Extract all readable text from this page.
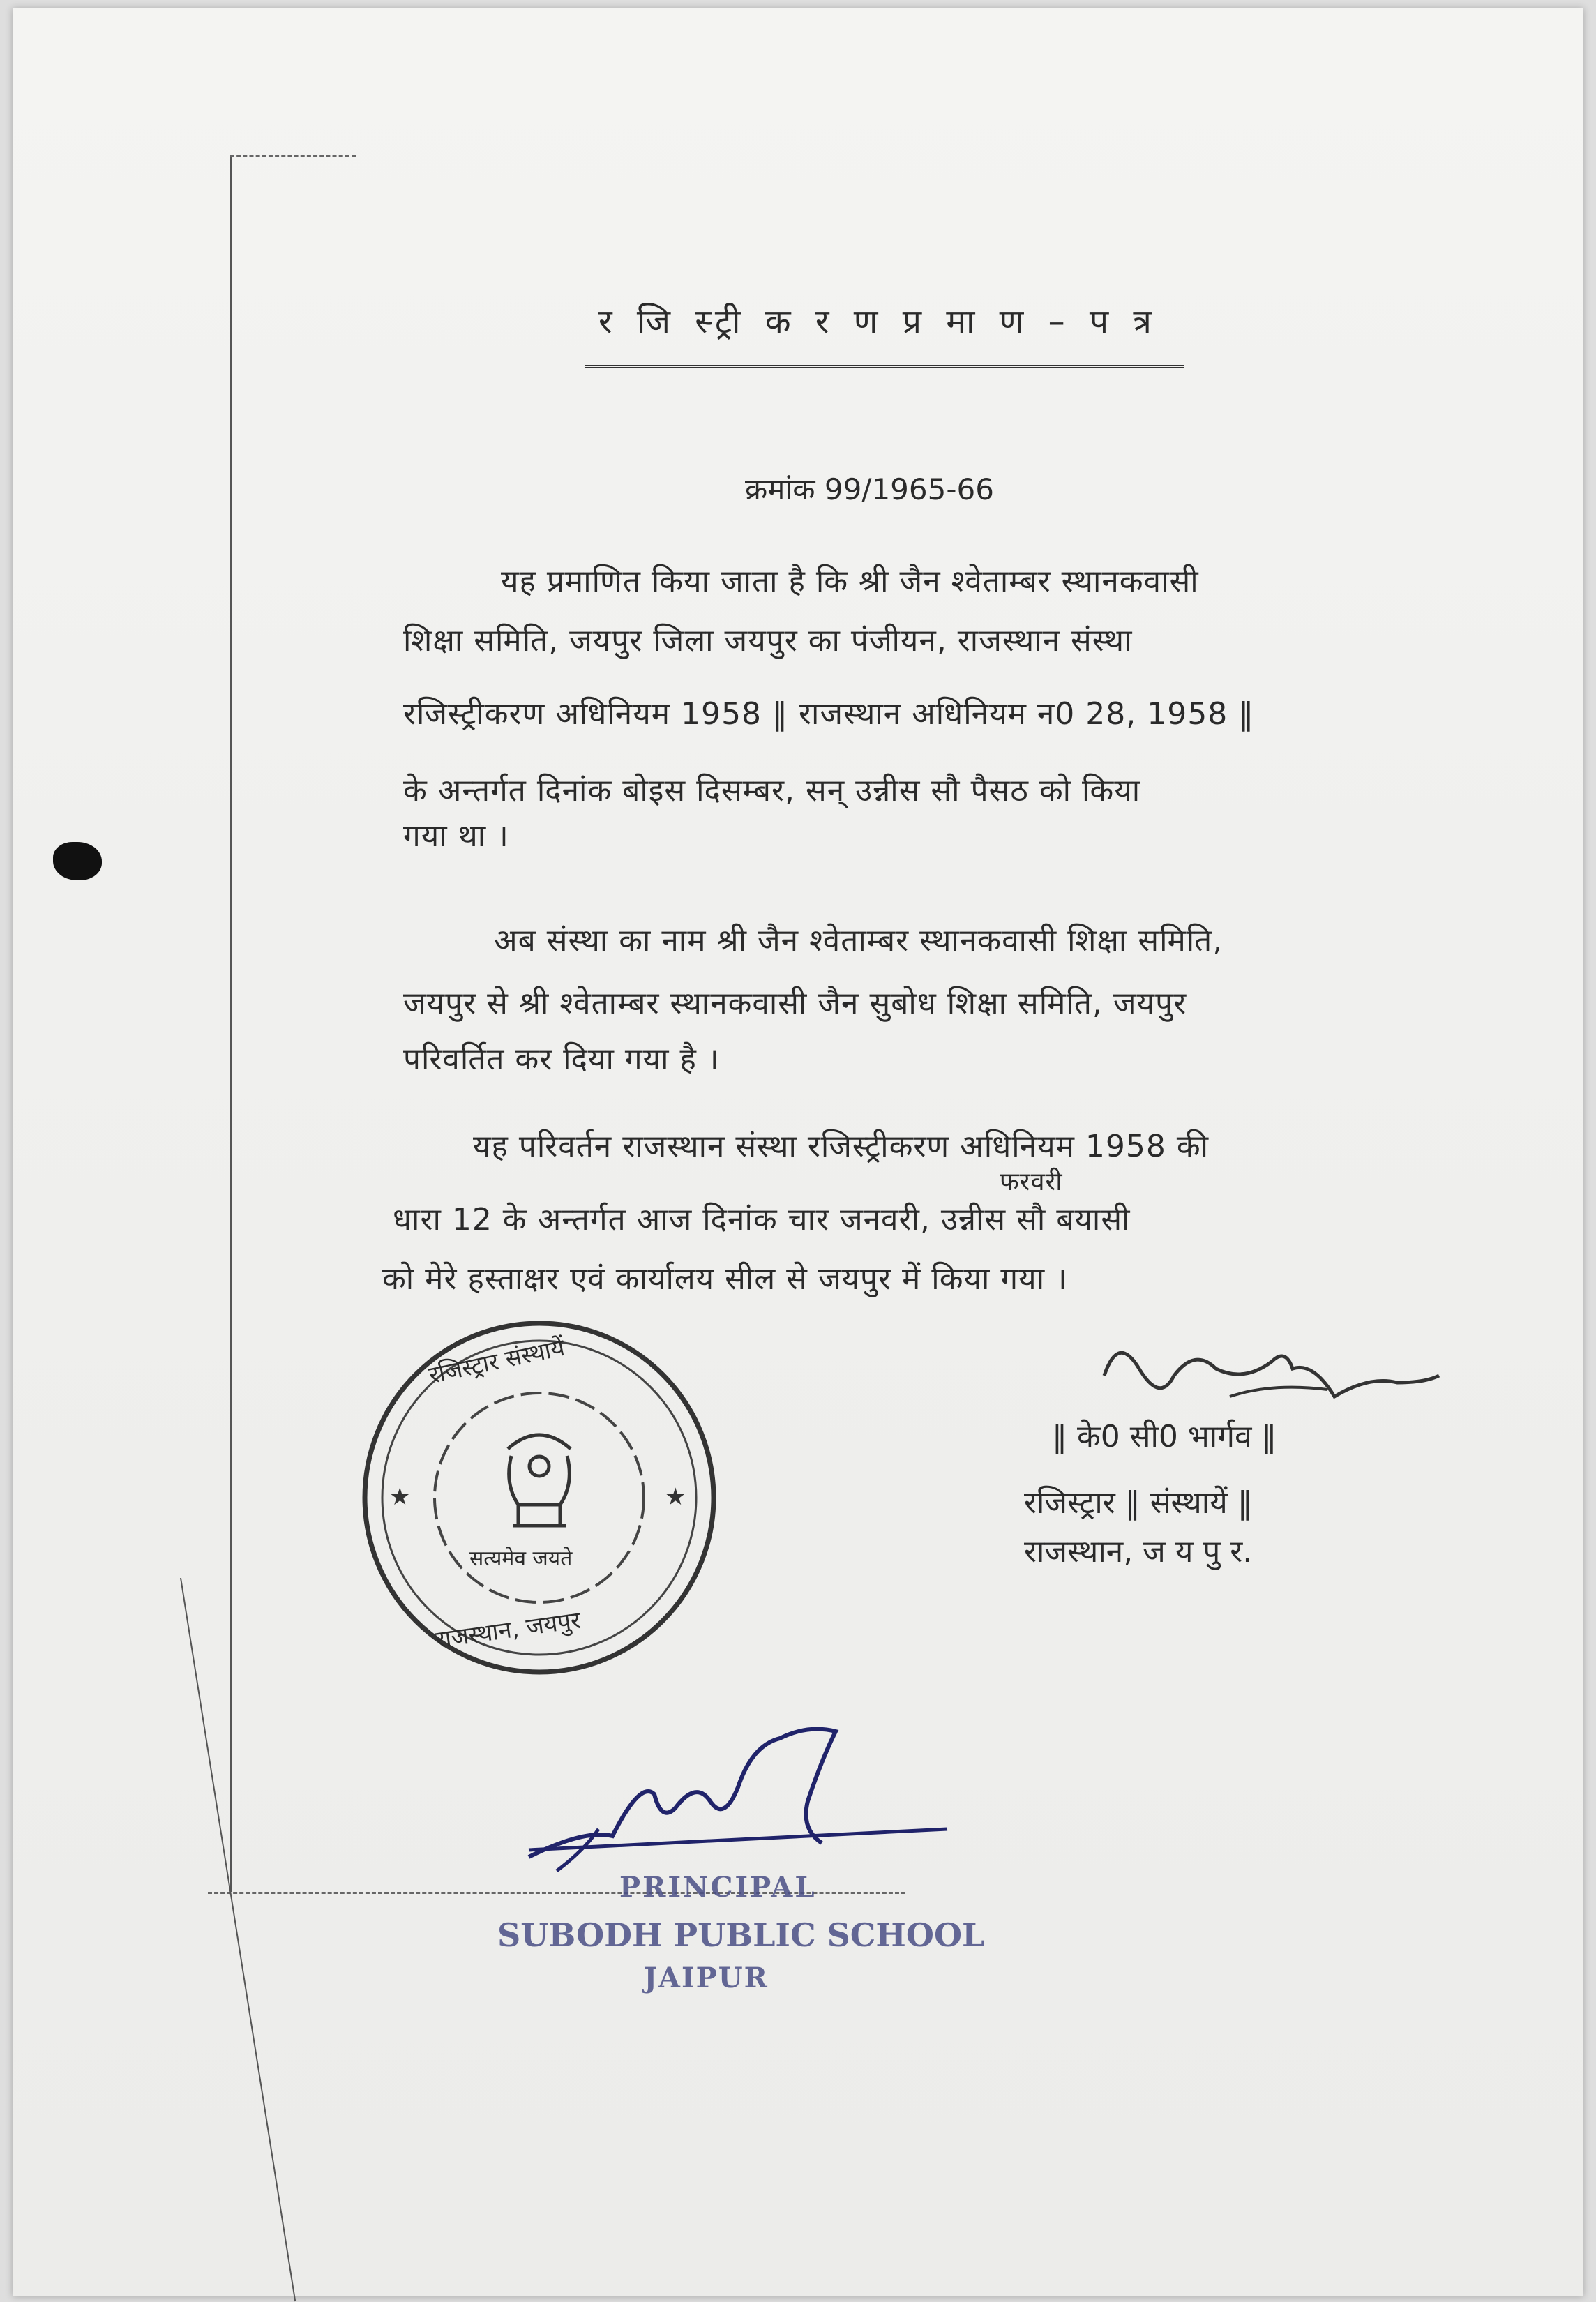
र जि स्ट्री क र ण प्र मा ण – प त्र
क्रमांक 99/1965-66
यह प्रमाणित किया जाता है कि श्री जैन श्वेताम्बर स्थानकवासी
शिक्षा समिति, जयपुर जिला जयपुर का पंजीयन, राजस्थान संस्था
रजिस्ट्रीकरण अधिनियम 1958 ‖ राजस्थान अधिनियम न0 28, 1958 ‖
के अन्तर्गत दिनांक बोइस दिसम्बर, सन् उन्नीस सौ पैसठ को किया
गया था ।
अब संस्था का नाम श्री जैन श्वेताम्बर स्थानकवासी शिक्षा समिति,
जयपुर से श्री श्वेताम्बर स्थानकवासी जैन सुबोध शिक्षा समिति, जयपुर
परिवर्तित कर दिया गया है ।
यह परिवर्तन राजस्थान संस्था रजिस्ट्रीकरण अधिनियम 1958 की
फरवरी
धारा 12 के अन्तर्गत आज दिनांक चार जनवरी, उन्नीस सौ बयासी
को मेरे हस्ताक्षर एवं कार्यालय सील से जयपुर में किया गया ।
★	★
रजिस्ट्रार संस्थायें
सत्यमेव जयते
राजस्थान, जयपुर
‖ के0 सी0 भार्गव ‖
रजिस्ट्रार ‖ संस्थायें ‖
राजस्थान, ज य पु र.
PRINCIPAL
SUBODH PUBLIC SCHOOL
JAIPUR
